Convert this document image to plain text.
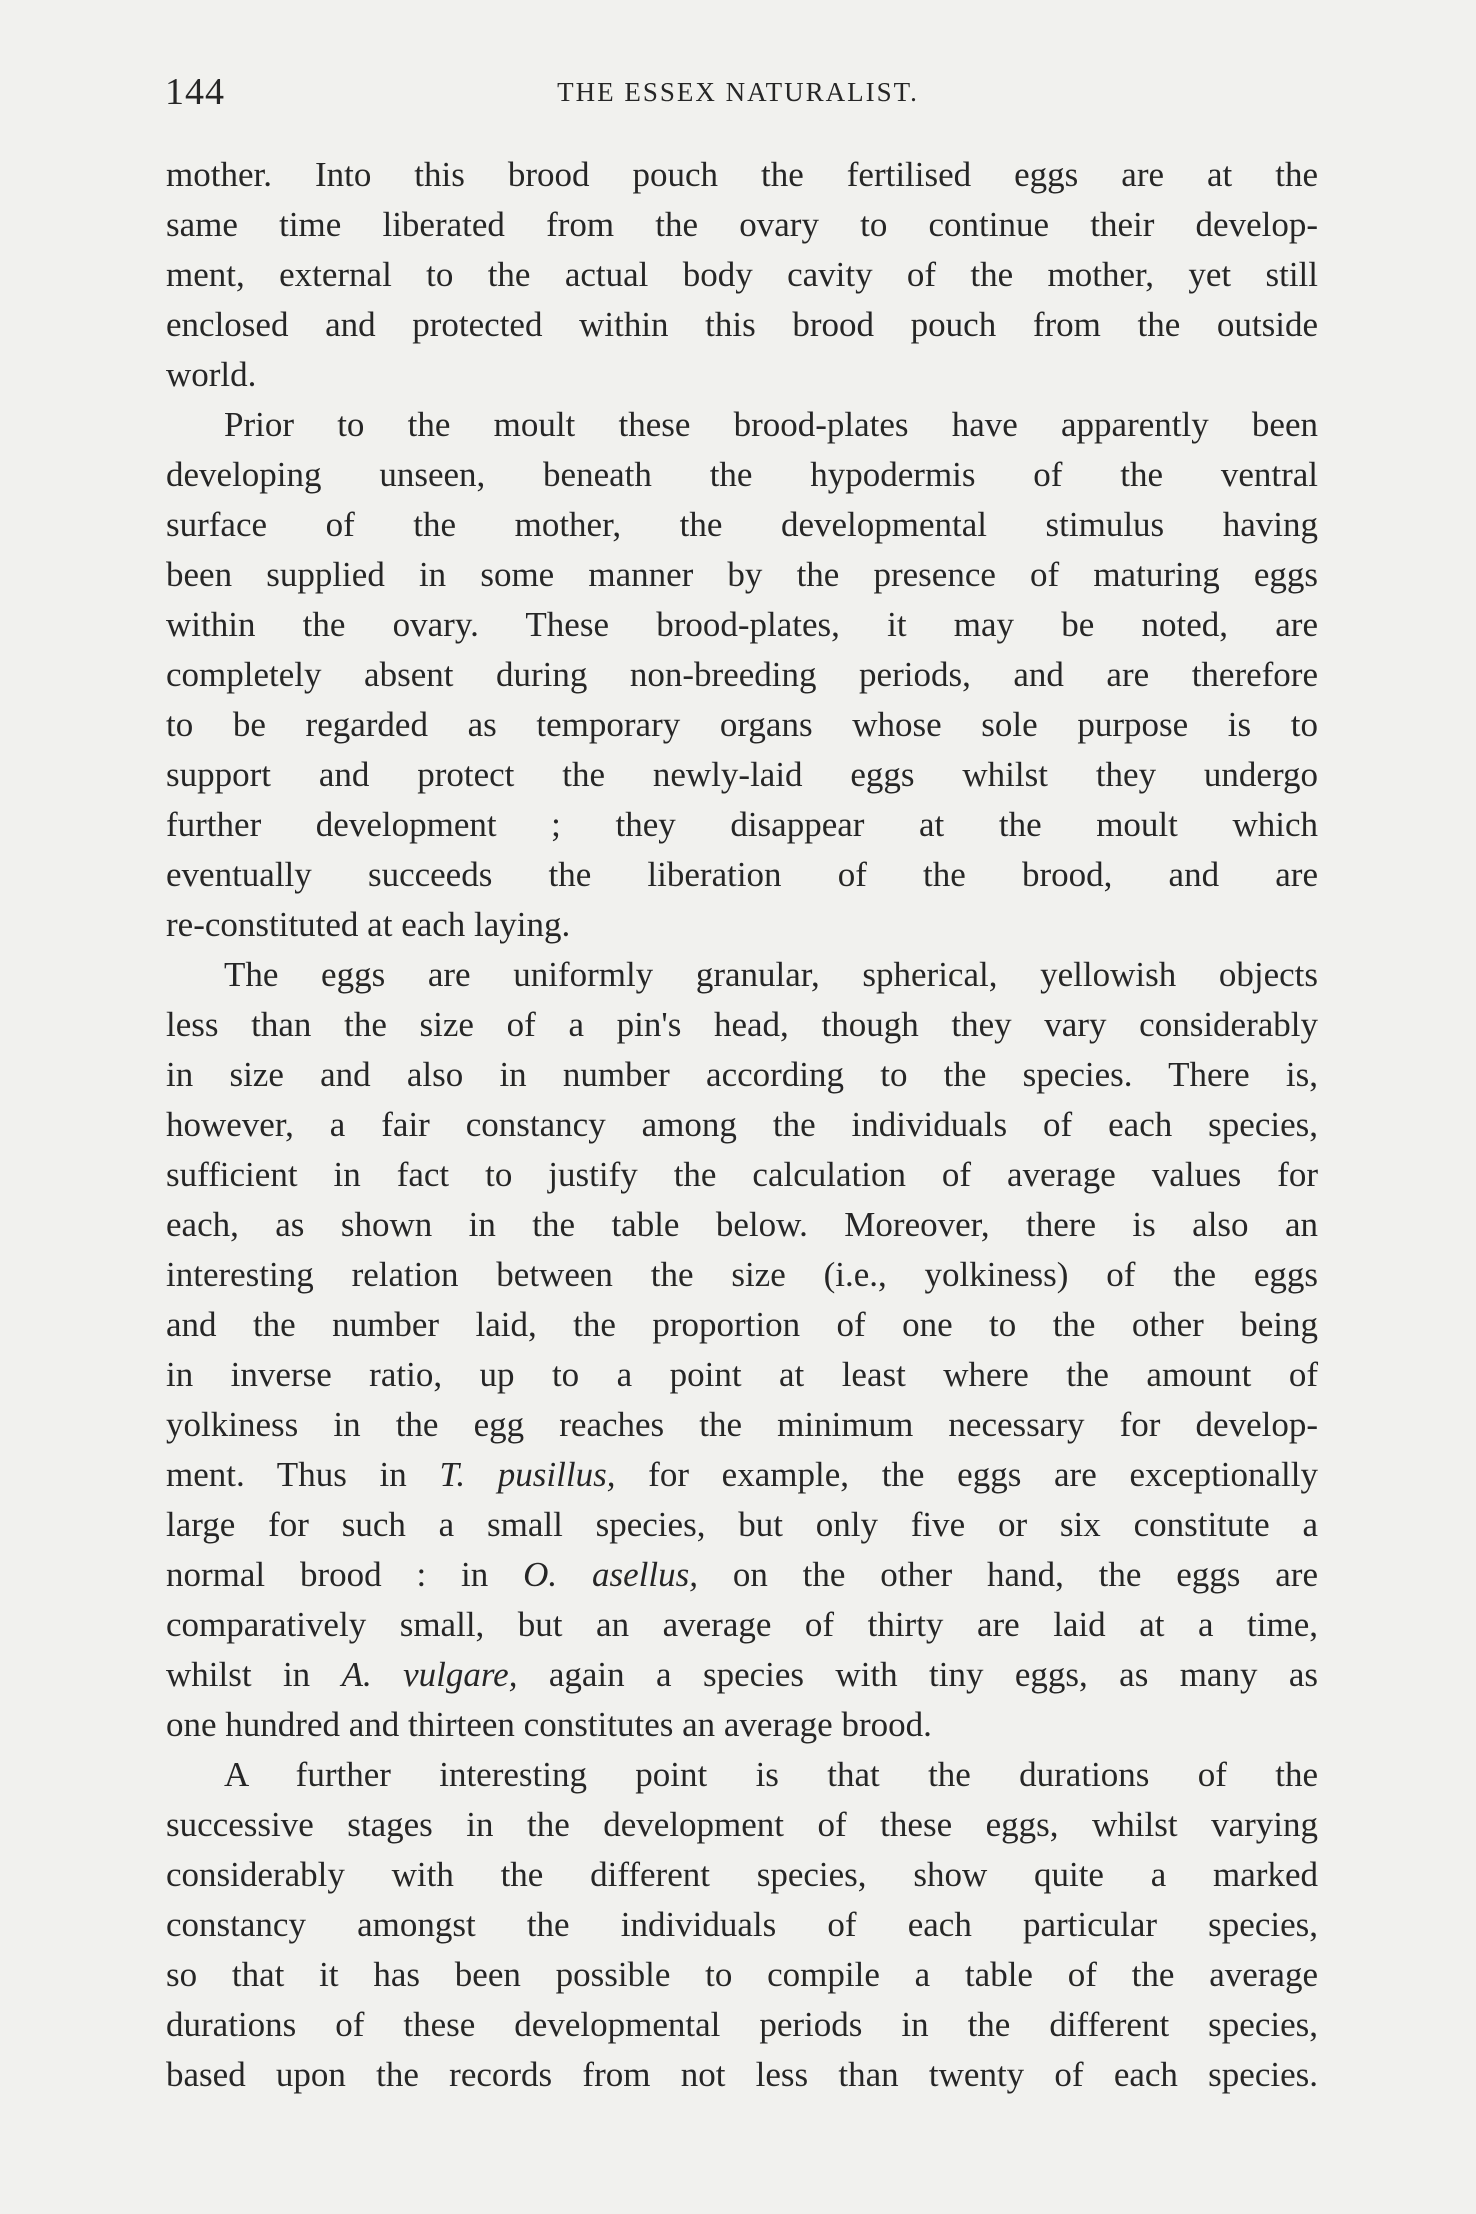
144	THE ESSEX NATURALIST.

mother. Into this brood pouch the fertilised eggs are at the
same time liberated from the ovary to continue their develop-
ment, external to the actual body cavity of the mother, yet still
enclosed and protected within this brood pouch from the outside
world.

Prior to the moult these brood-plates have apparently been
developing unseen, beneath the hypodermis of the ventral
surface of the mother, the developmental stimulus having
been supplied in some manner by the presence of maturing eggs
within the ovary. These brood-plates, it may be noted, are
completely absent during non-breeding periods, and are therefore
to be regarded as temporary organs whose sole purpose is to
support and protect the newly-laid eggs whilst they undergo
further development ; they disappear at the moult which
eventually succeeds the liberation of the brood, and are
re-constituted at each laying.

The eggs are uniformly granular, spherical, yellowish objects
less than the size of a pin's head, though they vary considerably
in size and also in number according to the species. There is,
however, a fair constancy among the individuals of each species,
sufficient in fact to justify the calculation of average values for
each, as shown in the table below. Moreover, there is also an
interesting relation between the size (i.e., yolkiness) of the eggs
and the number laid, the proportion of one to the other being
in inverse ratio, up to a point at least where the amount of
yolkiness in the egg reaches the minimum necessary for develop-
ment. Thus in T. pusillus, for example, the eggs are exceptionally
large for such a small species, but only five or six constitute a
normal brood : in O. asellus, on the other hand, the eggs are
comparatively small, but an average of thirty are laid at a time,
whilst in A. vulgare, again a species with tiny eggs, as many as
one hundred and thirteen constitutes an average brood.

A further interesting point is that the durations of the
successive stages in the development of these eggs, whilst varying
considerably with the different species, show quite a marked
constancy amongst the individuals of each particular species,
so that it has been possible to compile a table of the average
durations of these developmental periods in the different species,
based upon the records from not less than twenty of each species.
